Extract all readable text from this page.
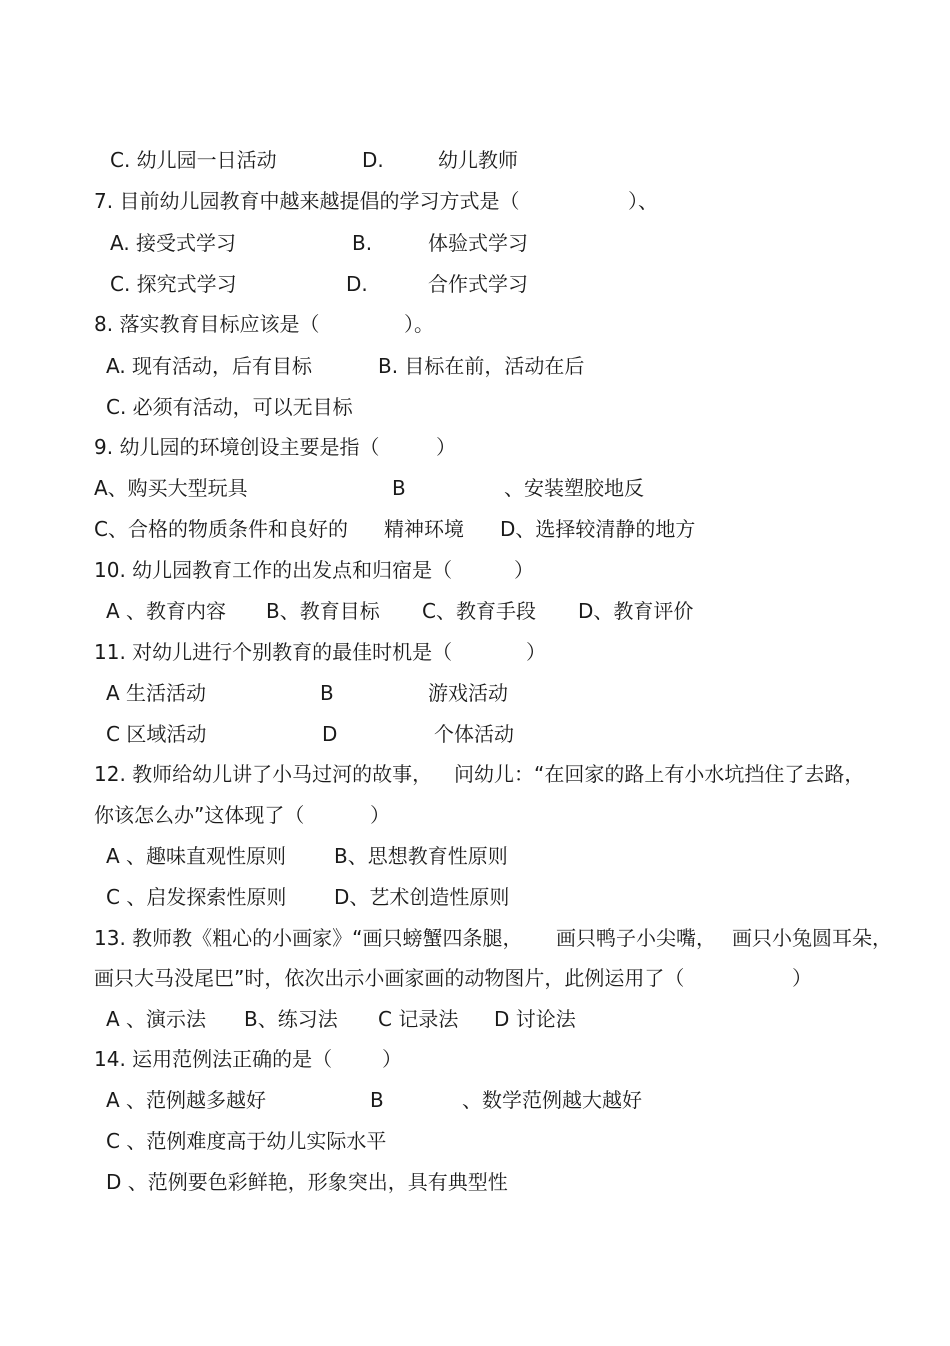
C. 幼儿园一日活动	D.	幼儿教师
7. 目前幼儿园教育中越来越提倡的学习方式是（	）、
A. 接受式学习	B.	体验式学习
C. 探究式学习	D.	合作式学习
8. 落实教育目标应该是（	）。
A. 现有活动，后有目标	B. 目标在前，活动在后
C. 必须有活动，可以无目标
9. 幼儿园的环境创设主要是指（	）
A、购买大型玩具	B	、安装塑胶地反
C、合格的物质条件和良好的 精神环境 D、选择较清静的地方
10. 幼儿园教育工作的出发点和归宿是（	）
A 、教育内容 B、教育目标 C、教育手段 D、教育评价
11. 对幼儿进行个别教育的最佳时机是（	）
A 生活活动	B	游戏活动
C 区域活动	D	个体活动
12. 教师给幼儿讲了小马过河的故事， 问幼儿：“在回家的路上有小水坑挡住了去路，
你该怎么办”这体现了（	）
A 、趣味直观性原则 B、思想教育性原则
C 、启发探索性原则 D、艺术创造性原则
13. 教师教《粗心的小画家》“画只螃蟹四条腿， 画只鸭子小尖嘴， 画只小兔圆耳朵，
画只大马没尾巴”时，依次出示小画家画的动物图片，此例运用了（	）
A 、演示法 B、练习法 C 记录法 D 讨论法
14. 运用范例法正确的是（ ）
A 、范例越多越好	B	、数学范例越大越好
C 、范例难度高于幼儿实际水平
D 、范例要色彩鲜艳，形象突出，具有典型性
